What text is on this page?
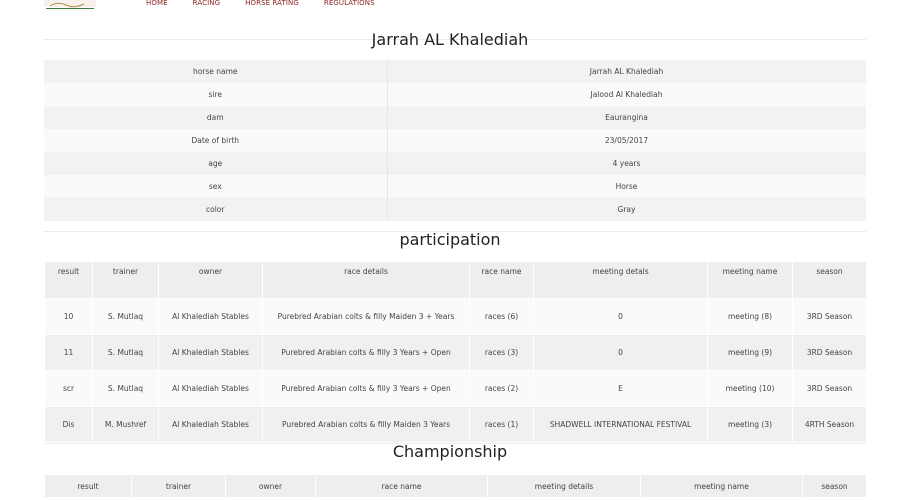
HOME	RACING	HORSE RATING	REGULATIONS
Jarrah AL Khalediah
horse name	Jarrah AL Khalediah
sire	Jalood Al Khalediah
dam	Eaurangina
Date of birth	23/05/2017
age	4 years
sex	Horse
color	Gray
participation
result	trainer	owner	race details	race name	meeting detals	meeting name	season
10	S. Mutlaq	Al Khalediah Stables	Purebred Arabian colts & filly Maiden 3 + Years	races (6)	0	meeting (8)	3RD Season
11	S. Mutlaq	Al Khalediah Stables	Purebred Arabian colts & filly 3 Years + Open	races (3)	0	meeting (9)	3RD Season
scr	S. Mutlaq	Al Khalediah Stables	Purebred Arabian colts & filly 3 Years + Open	races (2)	E	meeting (10)	3RD Season
Dis	M. Mushref	Al Khalediah Stables	Purebred Arabian colts & filly Maiden 3 Years	races (1)	SHADWELL INTERNATIONAL FESTIVAL	meeting (3)	4RTH Season
Championship
result	trainer	owner	race name	meeting details	meeting name	season
